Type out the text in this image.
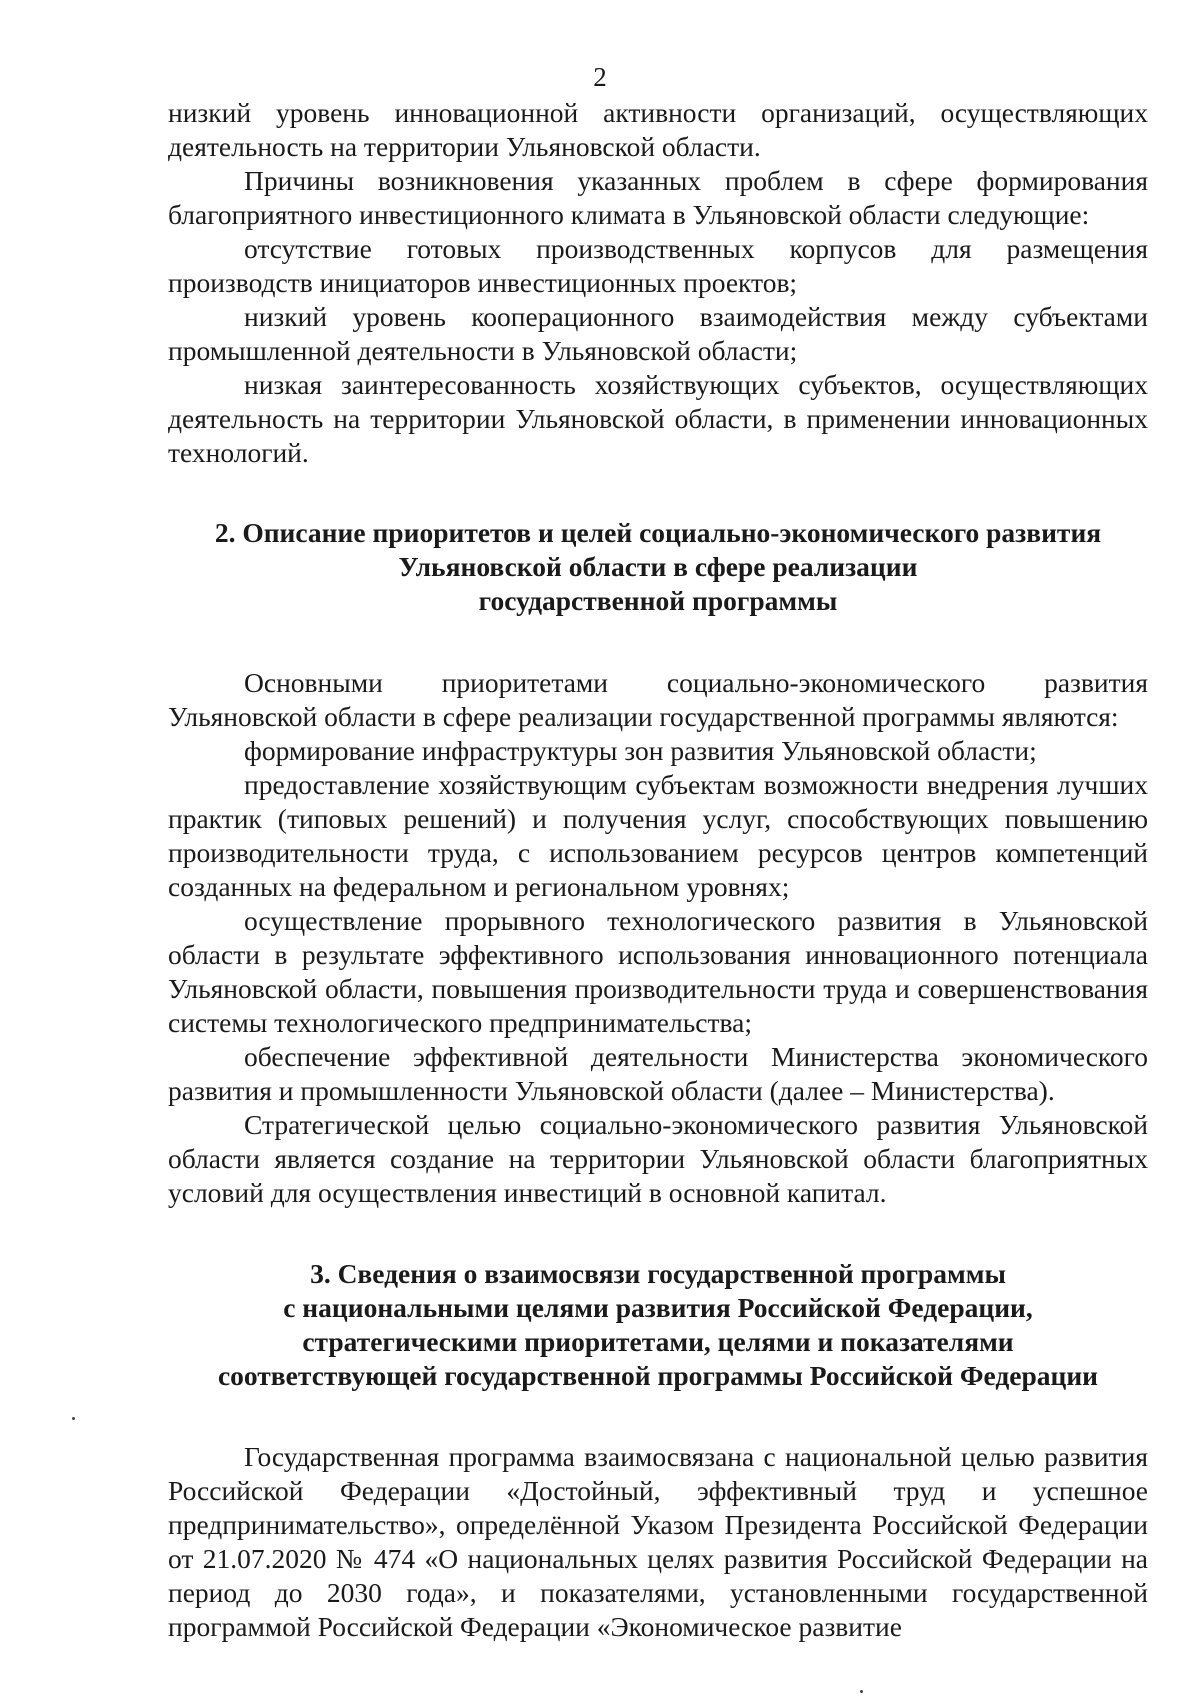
2

низкий уровень инновационной активности организаций, осуществляющих деятельность на территории Ульяновской области.

Причины возникновения указанных проблем в сфере формирования благоприятного инвестиционного климата в Ульяновской области следующие:

отсутствие готовых производственных корпусов для размещения производств инициаторов инвестиционных проектов;

низкий уровень кооперационного взаимодействия между субъектами промышленной деятельности в Ульяновской области;

низкая заинтересованность хозяйствующих субъектов, осуществляющих деятельность на территории Ульяновской области, в применении инновационных технологий.

2. Описание приоритетов и целей социально-экономического развития
Ульяновской области в сфере реализации
государственной программы

Основными приоритетами социально-экономического развития Ульяновской области в сфере реализации государственной программы являются:

формирование инфраструктуры зон развития Ульяновской области;

предоставление хозяйствующим субъектам возможности внедрения лучших практик (типовых решений) и получения услуг, способствующих повышению производительности труда, с использованием ресурсов центров компетенций созданных на федеральном и региональном уровнях;

осуществление прорывного технологического развития в Ульяновской области в результате эффективного использования инновационного потенциала Ульяновской области, повышения производительности труда и совершенствования системы технологического предпринимательства;

обеспечение эффективной деятельности Министерства экономического развития и промышленности Ульяновской области (далее – Министерства).

Стратегической целью социально-экономического развития Ульяновской области является создание на территории Ульяновской области благоприятных условий для осуществления инвестиций в основной капитал.

3. Сведения о взаимосвязи государственной программы
с национальными целями развития Российской Федерации,
стратегическими приоритетами, целями и показателями
соответствующей государственной программы Российской Федерации

Государственная программа взаимосвязана с национальной целью развития Российской Федерации «Достойный, эффективный труд и успешное предпринимательство», определённой Указом Президента Российской Федерации от 21.07.2020 № 474 «О национальных целях развития Российской Федерации на период до 2030 года», и показателями, установленными государственной программой Российской Федерации «Экономическое развитие
